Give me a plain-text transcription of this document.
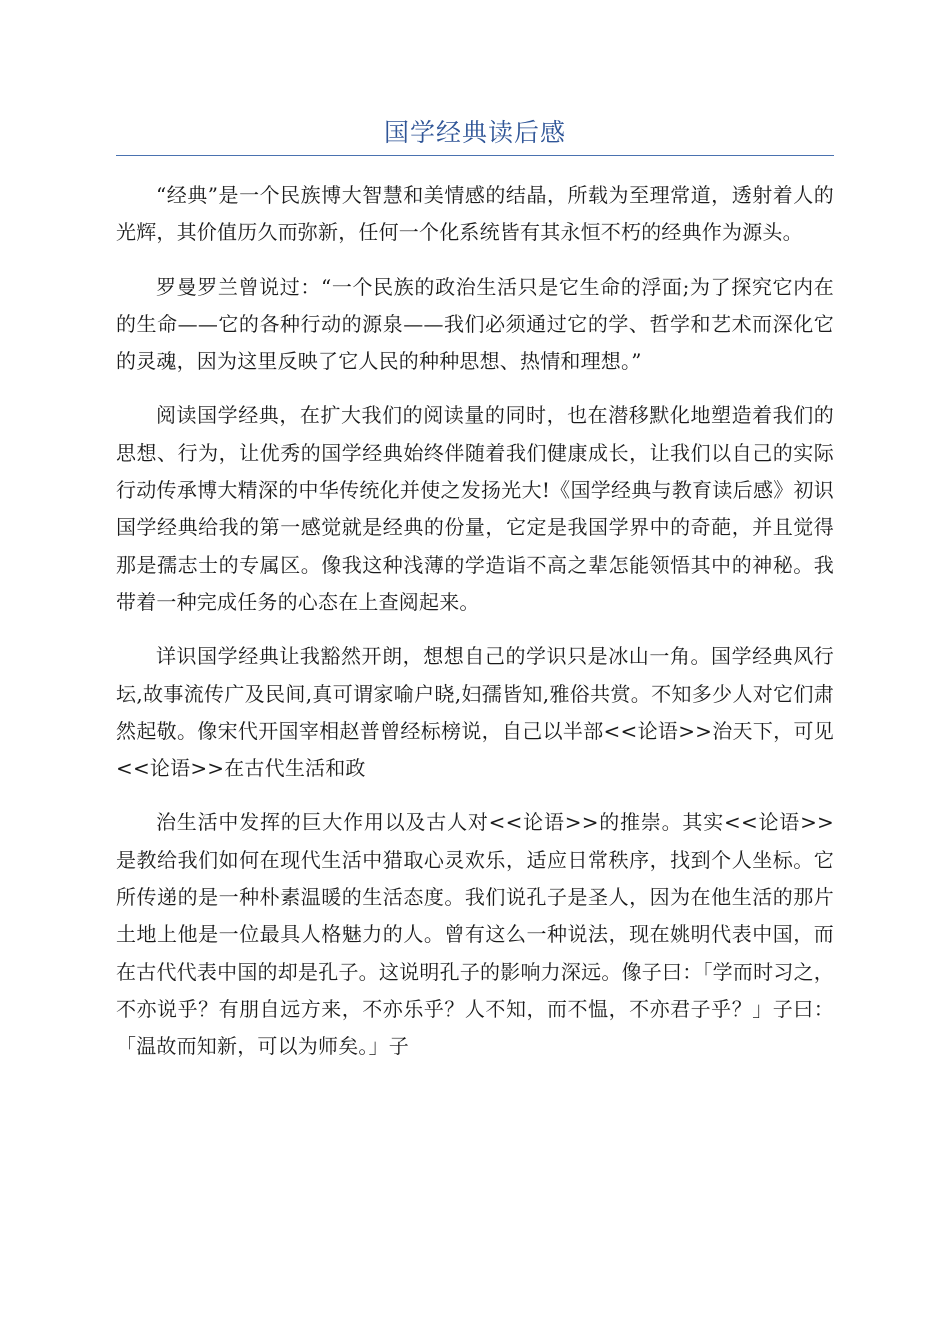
国学经典读后感

“经典”是一个民族博大智慧和美情感的结晶，所载为至理常道，透射着人的光辉，其价值历久而弥新，任何一个化系统皆有其永恒不朽的经典作为源头。

罗曼罗兰曾说过：“一个民族的政治生活只是它生命的浮面;为了探究它内在的生命——它的各种行动的源泉——我们必须通过它的学、哲学和艺术而深化它的灵魂，因为这里反映了它人民的种种思想、热情和理想。”

阅读国学经典，在扩大我们的阅读量的同时，也在潜移默化地塑造着我们的思想、行为，让优秀的国学经典始终伴随着我们健康成长，让我们以自己的实际行动传承博大精深的中华传统化并使之发扬光大!《国学经典与教育读后感》初识国学经典给我的第一感觉就是经典的份量，它定是我国学界中的奇葩，并且觉得那是孺志士的专属区。像我这种浅薄的学造诣不高之辈怎能领悟其中的神秘。我带着一种完成任务的心态在上查阅起来。

详识国学经典让我豁然开朗，想想自己的学识只是冰山一角。国学经典风行坛,故事流传广及民间,真可谓家喻户晓,妇孺皆知,雅俗共赏。不知多少人对它们肃然起敬。像宋代开国宰相赵普曾经标榜说，自己以半部<<论语>>治天下，可见<<论语>>在古代生活和政

治生活中发挥的巨大作用以及古人对<<论语>>的推崇。其实<<论语>>是教给我们如何在现代生活中猎取心灵欢乐，适应日常秩序，找到个人坐标。它所传递的是一种朴素温暖的生活态度。我们说孔子是圣人，因为在他生活的那片土地上他是一位最具人格魅力的人。曾有这么一种说法，现在姚明代表中国，而在古代代表中国的却是孔子。这说明孔子的影响力深远。像子曰：「学而时习之，不亦说乎？有朋自远方来，不亦乐乎？人不知，而不愠，不亦君子乎？」子曰：「温故而知新，可以为师矣。」子
